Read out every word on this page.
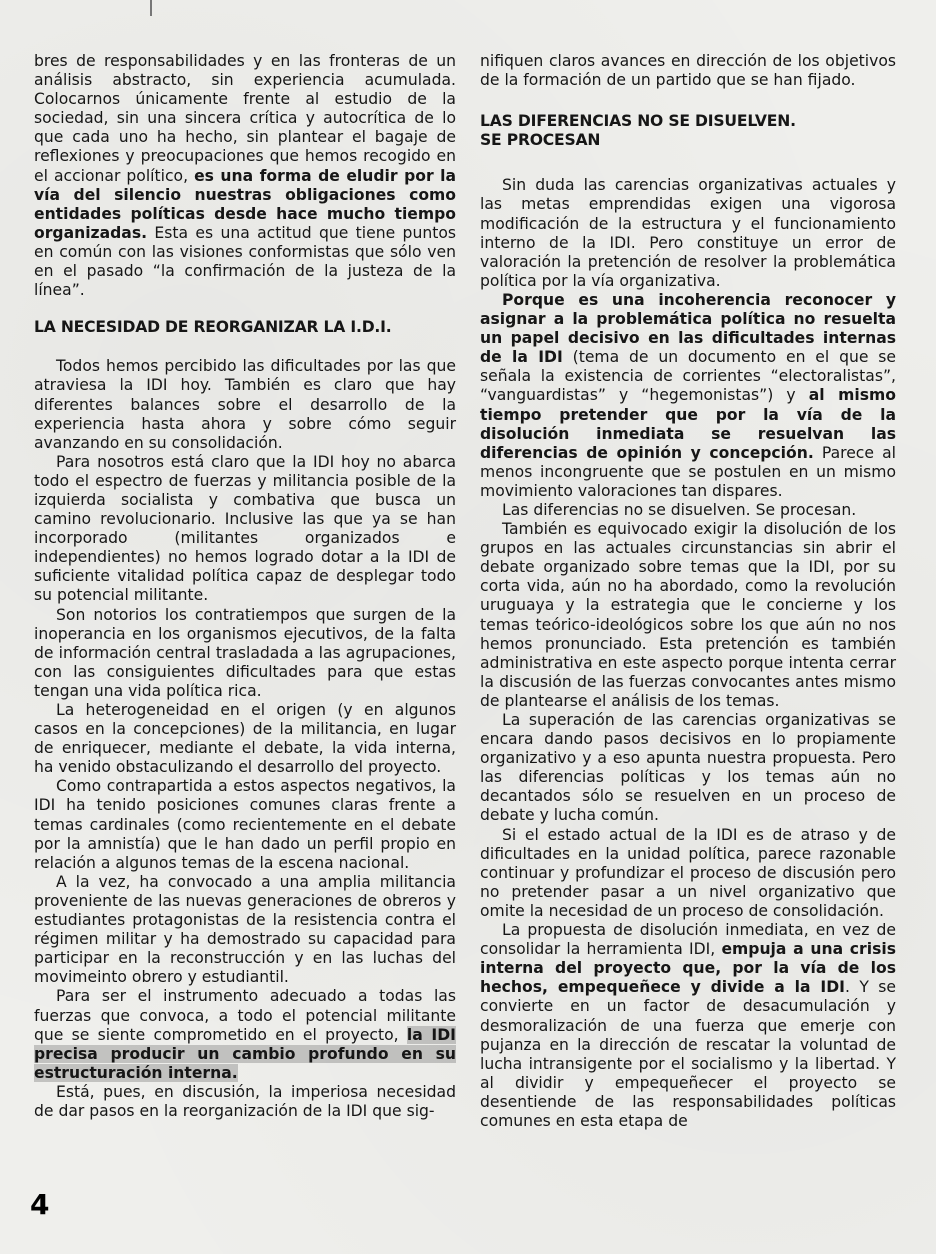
bres de responsabilidades y en las fronteras de un análisis abstracto, sin experiencia acumulada. Colocarnos únicamente frente al estudio de la sociedad, sin una sincera crítica y autocrítica de lo que cada uno ha hecho, sin plantear el bagaje de reflexiones y preocupaciones que hemos recogido en el accionar político, es una forma de eludir por la vía del silencio nuestras obligaciones como entidades políticas desde hace mucho tiempo organizadas. Esta es una actitud que tiene puntos en común con las visiones conformistas que sólo ven en el pasado “la confirmación de la justeza de la línea”.

LA NECESIDAD DE REORGANIZAR LA I.D.I.

Todos hemos percibido las dificultades por las que atraviesa la IDI hoy. También es claro que hay diferentes balances sobre el desarrollo de la experiencia hasta ahora y sobre cómo seguir avanzando en su consolidación.

Para nosotros está claro que la IDI hoy no abarca todo el espectro de fuerzas y militancia posible de la izquierda socialista y combativa que busca un camino revolucionario. Inclusive las que ya se han incorporado (militantes organizados e independientes) no hemos logrado dotar a la IDI de suficiente vitalidad política capaz de desplegar todo su potencial militante.

Son notorios los contratiempos que surgen de la inoperancia en los organismos ejecutivos, de la falta de información central trasladada a las agrupaciones, con las consiguientes dificultades para que estas tengan una vida política rica.

La heterogeneidad en el origen (y en algunos casos en la concepciones) de la militancia, en lugar de enriquecer, mediante el debate, la vida interna, ha venido obstaculizando el desarrollo del proyecto.

Como contrapartida a estos aspectos negativos, la IDI ha tenido posiciones comunes claras frente a temas cardinales (como recientemente en el debate por la amnistía) que le han dado un perfil propio en relación a algunos temas de la escena nacional.

A la vez, ha convocado a una amplia militancia proveniente de las nuevas generaciones de obreros y estudiantes protagonistas de la resistencia contra el régimen militar y ha demostrado su capacidad para participar en la reconstrucción y en las luchas del movimeinto obrero y estudiantil.

Para ser el instrumento adecuado a todas las fuerzas que convoca, a todo el potencial militante que se siente comprometido en el proyecto, la IDI precisa producir un cambio profundo en su estructuración interna.

Está, pues, en discusión, la imperiosa necesidad de dar pasos en la reorganización de la IDI que sig-

nifiquen claros avances en dirección de los objetivos de la formación de un partido que se han fijado.

LAS DIFERENCIAS NO SE DISUELVEN.
SE PROCESAN

Sin duda las carencias organizativas actuales y las metas emprendidas exigen una vigorosa modificación de la estructura y el funcionamiento interno de la IDI. Pero constituye un error de valoración la pretención de resolver la problemática política por la vía organizativa.

Porque es una incoherencia reconocer y asignar a la problemática política no resuelta un papel decisivo en las dificultades internas de la IDI (tema de un documento en el que se señala la existencia de corrientes “electoralistas”, “vanguardistas” y “hegemonistas”) y al mismo tiempo pretender que por la vía de la disolución inmediata se resuelvan las diferencias de opinión y concepción. Parece al menos incongruente que se postulen en un mismo movimiento valoraciones tan dispares.

Las diferencias no se disuelven. Se procesan.

También es equivocado exigir la disolución de los grupos en las actuales circunstancias sin abrir el debate organizado sobre temas que la IDI, por su corta vida, aún no ha abordado, como la revolución uruguaya y la estrategia que le concierne y los temas teórico-ideológicos sobre los que aún no nos hemos pronunciado. Esta pretención es también administrativa en este aspecto porque intenta cerrar la discusión de las fuerzas convocantes antes mismo de plantearse el análisis de los temas.

La superación de las carencias organizativas se encara dando pasos decisivos en lo propiamente organizativo y a eso apunta nuestra propuesta. Pero las diferencias políticas y los temas aún no decantados sólo se resuelven en un proceso de debate y lucha común.

Si el estado actual de la IDI es de atraso y de dificultades en la unidad política, parece razonable continuar y profundizar el proceso de discusión pero no pretender pasar a un nivel organizativo que omite la necesidad de un proceso de consolidación.

La propuesta de disolución inmediata, en vez de consolidar la herramienta IDI, empuja a una crisis interna del proyecto que, por la vía de los hechos, empequeñece y divide a la IDI. Y se convierte en un factor de desacumulación y desmoralización de una fuerza que emerje con pujanza en la dirección de rescatar la voluntad de lucha intransigente por el socialismo y la libertad. Y al dividir y empequeñecer el proyecto se desentiende de las responsabilidades políticas comunes en esta etapa de

4
